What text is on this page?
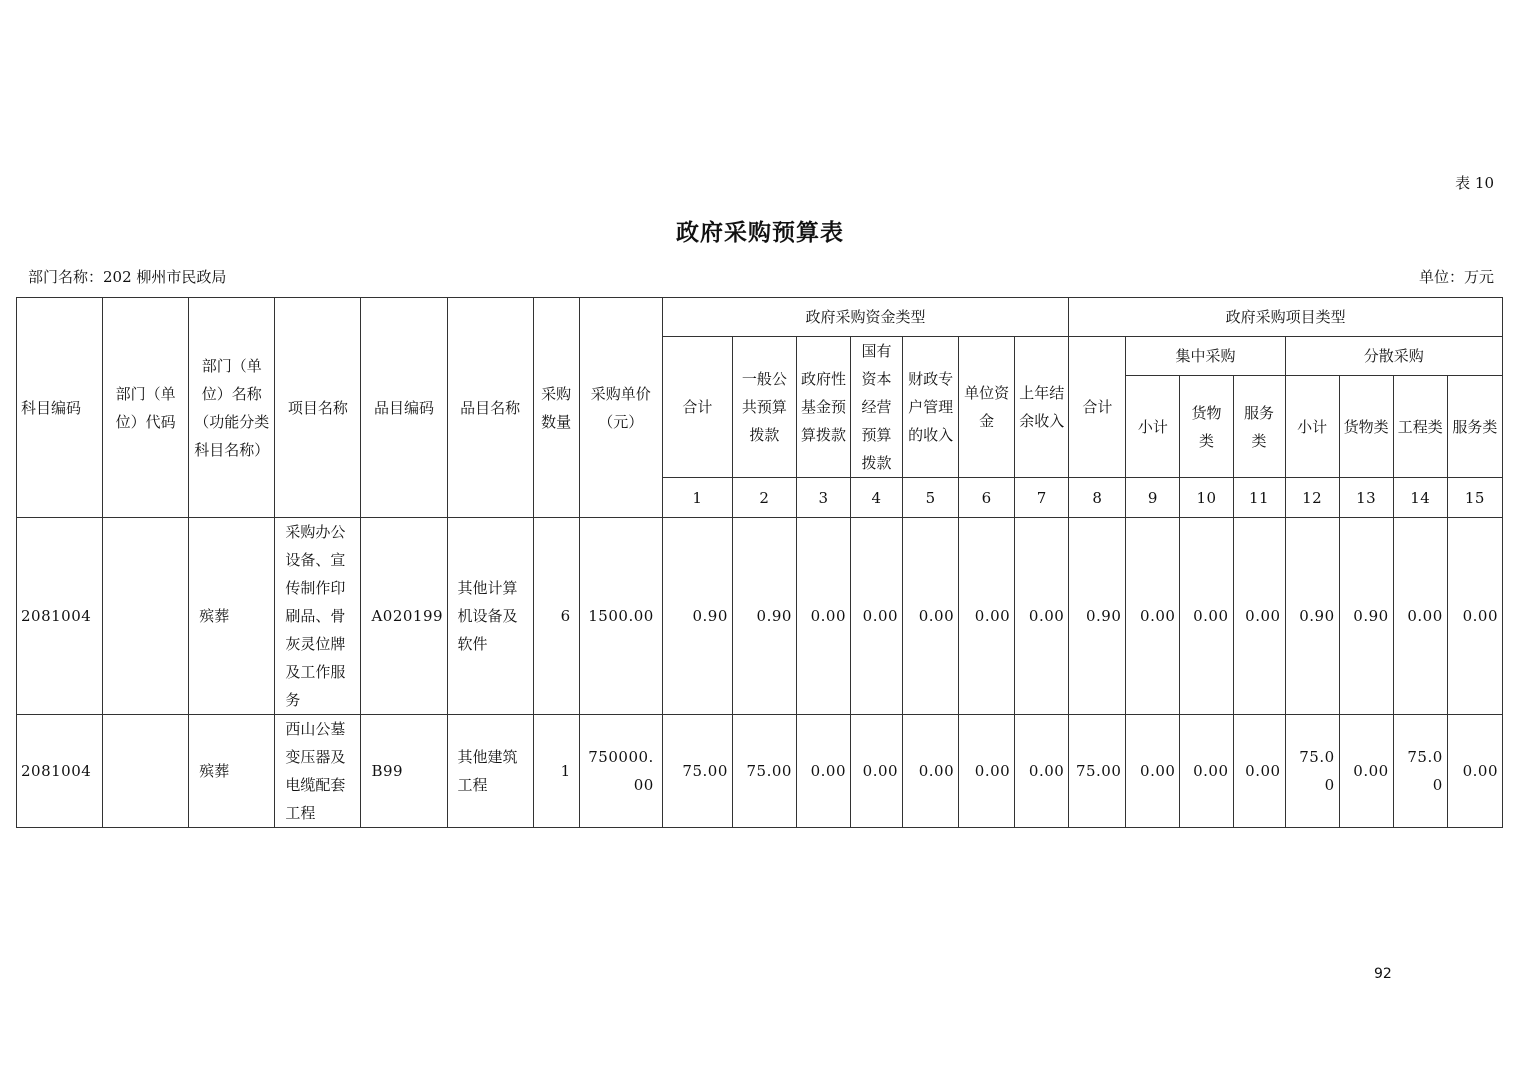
表 10
政府采购预算表
部门名称：202 柳州市民政局	单位：万元
科目编码	部门（单位）代码	部门（单位）名称（功能分类科目名称）	项目名称	品目编码	品目名称	采购数量	采购单价（元）	政府采购资金类型							政府采购项目类型							
								合计	一般公共预算拨款	政府性基金预算拨款	国有资本经营预算拨款	财政专户管理的收入	单位资金	上年结余收入	合计	集中采购			分散采购			
																小计	货物类	服务类	小计	货物类	工程类	服务类
								1	2	3	4	5	6	7	8	9	10	11	12	13	14	15
2081004		殡葬	采购办公设备、宣传制作印刷品、骨灰灵位牌及工作服务	A020199	其他计算机设备及软件	6	1500.00	0.90	0.90	0.00	0.00	0.00	0.00	0.00	0.90	0.00	0.00	0.00	0.90	0.90	0.00	0.00
2081004		殡葬	西山公墓变压器及电缆配套工程	B99	其他建筑工程	1	750000.00	75.00	75.00	0.00	0.00	0.00	0.00	0.00	75.00	0.00	0.00	0.00	75.00	0.00	75.00	0.00
92
